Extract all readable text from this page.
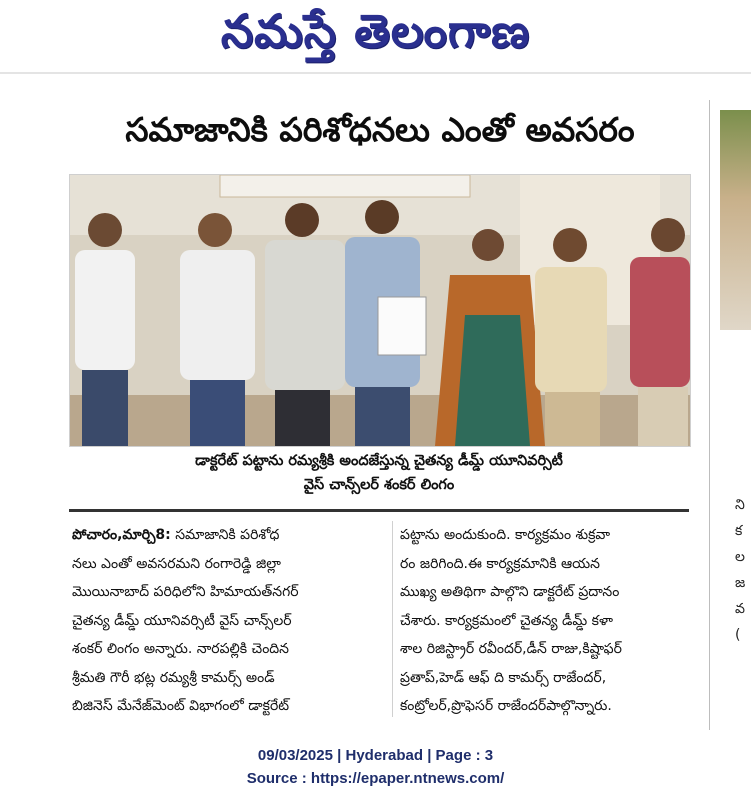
నమస్తే తెలంగాణ
సమాజానికి పరిశోధనలు ఎంతో అవసరం
డాక్టరేట్ పట్టాను రమ్యశ్రీకి అందజేస్తున్న చైతన్య డీమ్డ్ యూనివర్సిటీ
వైస్ చాన్స్‌లర్ శంకర్ లింగం
పోచారం,మార్చి8: సమాజానికి పరిశోధ
నలు ఎంతో అవసరమని రంగారెడ్డి జిల్లా
మొయినాబాద్ పరిధిలోని హిమాయత్‌నగర్
చైతన్య డీమ్డ్ యూనివర్సిటీ వైస్ చాన్స్‌లర్
శంకర్ లింగం అన్నారు. నారపల్లికి చెందిన
శ్రీమతి గౌరీ భట్ల రమ్యశ్రీ కామర్స్ అండ్
బిజినెస్ మేనేజ్‌మెంట్ విభాగంలో డాక్టరేట్
పట్టాను అందుకుంది. కార్యక్రమం శుక్రవా
రం జరిగింది.ఈ కార్యక్రమానికి ఆయన
ముఖ్య అతిథిగా పాల్గొని డాక్టరేట్ ప్రదానం
చేశారు. కార్యక్రమంలో చైతన్య డీమ్డ్ కళా
శాల రిజిస్ట్రార్ రవీందర్,డీన్ రాజు,కిష్టాఫర్
ప్రతాప్,హెడ్ ఆఫ్ ది కామర్స్ రాజేందర్,
కంట్రోలర్,ప్రొఫెసర్ రాజేందర్‌పాల్గొన్నారు.
ని
క
ల
జ
వ
(
09/03/2025 | Hyderabad | Page : 3
Source : https://epaper.ntnews.com/
